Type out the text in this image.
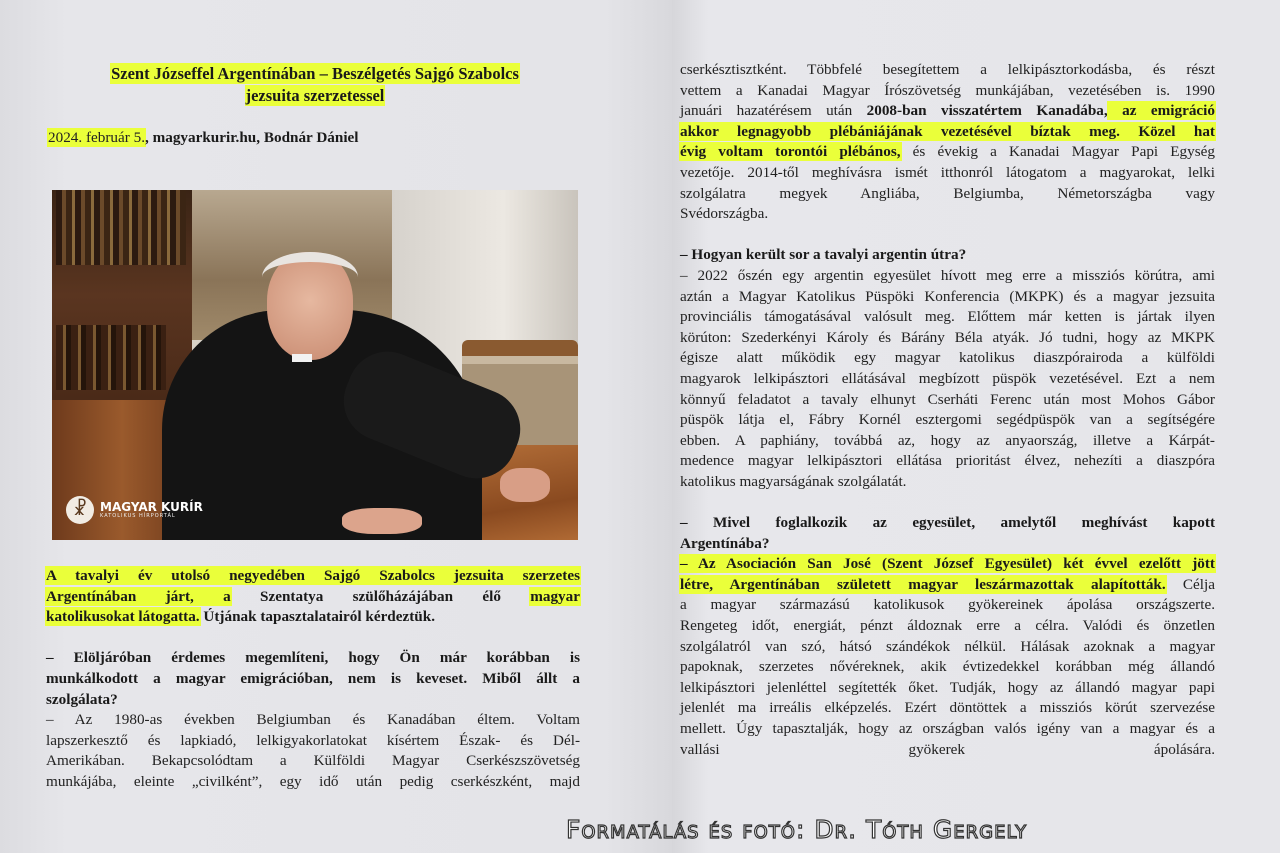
Szent Józseffel Argentínában – Beszélgetés Sajgó Szabolcs
jezsuita szerzetessel
2024. február 5., magyarkurir.hu, Bodnár Dániel
☧	MAGYAR KURÍR
KATOLIKUS HÍRPORTÁL
A tavalyi év utolsó negyedében Sajgó Szabolcs jezsuita szerzetes
Argentínában járt, a Szentatya szülőházájában élő magyar
katolikusokat látogatta. Útjának tapasztalatairól kérdeztük.
– Elöljáróban érdemes megemlíteni, hogy Ön már korábban is
munkálkodott a magyar emigrációban, nem is keveset. Miből állt a
szolgálata?
– Az 1980-as években Belgiumban és Kanadában éltem. Voltam
lapszerkesztő és lapkiadó, lelkigyakorlatokat kísértem Észak- és Dél-
Amerikában. Bekapcsolódtam a Külföldi Magyar Cserkészszövetség
munkájába, eleinte „civilként”, egy idő után pedig cserkészként, majd
cserkésztisztként. Többfelé besegítettem a lelkipásztorkodásba, és részt
vettem a Kanadai Magyar Írószövetség munkájában, vezetésében is. 1990
januári hazatérésem után 2008-ban visszatértem Kanadába, az emigráció
akkor legnagyobb plébániájának vezetésével bíztak meg. Közel hat
évig voltam torontói plébános, és évekig a Kanadai Magyar Papi Egység
vezetője. 2014-től meghívásra ismét itthonról látogatom a magyarokat, lelki
szolgálatra megyek Angliába, Belgiumba, Németországba vagy
Svédországba.
– Hogyan került sor a tavalyi argentin útra?
– 2022 őszén egy argentin egyesület hívott meg erre a missziós körútra, ami
aztán a Magyar Katolikus Püspöki Konferencia (MKPK) és a magyar jezsuita
provinciális támogatásával valósult meg. Előttem már ketten is jártak ilyen
körúton: Szederkényi Károly és Bárány Béla atyák. Jó tudni, hogy az MKPK
égisze alatt működik egy magyar katolikus diaszpórairoda a külföldi
magyarok lelkipásztori ellátásával megbízott püspök vezetésével. Ezt a nem
könnyű feladatot a tavaly elhunyt Cserháti Ferenc után most Mohos Gábor
püspök látja el, Fábry Kornél esztergomi segédpüspök van a segítségére
ebben. A paphiány, továbbá az, hogy az anyaország, illetve a Kárpát-
medence magyar lelkipásztori ellátása prioritást élvez, nehezíti a diaszpóra
katolikus magyarságának szolgálatát.
– Mivel foglalkozik az egyesület, amelytől meghívást kapott
Argentínába?
– Az Asociación San José (Szent József Egyesület) két évvel ezelőtt jött
létre, Argentínában született magyar leszármazottak alapították. Célja
a magyar származású katolikusok gyökereinek ápolása országszerte.
Rengeteg időt, energiát, pénzt áldoznak erre a célra. Valódi és önzetlen
szolgálatról van szó, hátsó szándékok nélkül. Hálásak azoknak a magyar
papoknak, szerzetes nővéreknek, akik évtizedekkel korábban még állandó
lelkipásztori jelenléttel segítették őket. Tudják, hogy az állandó magyar papi
jelenlét ma irreális elképzelés. Ezért döntöttek a missziós körút szervezése
mellett. Úgy tapasztalják, hogy az országban valós igény van a magyar és a
vallási gyökerek ápolására.
Formatálás és fotó: Dr. Tóth Gergely
